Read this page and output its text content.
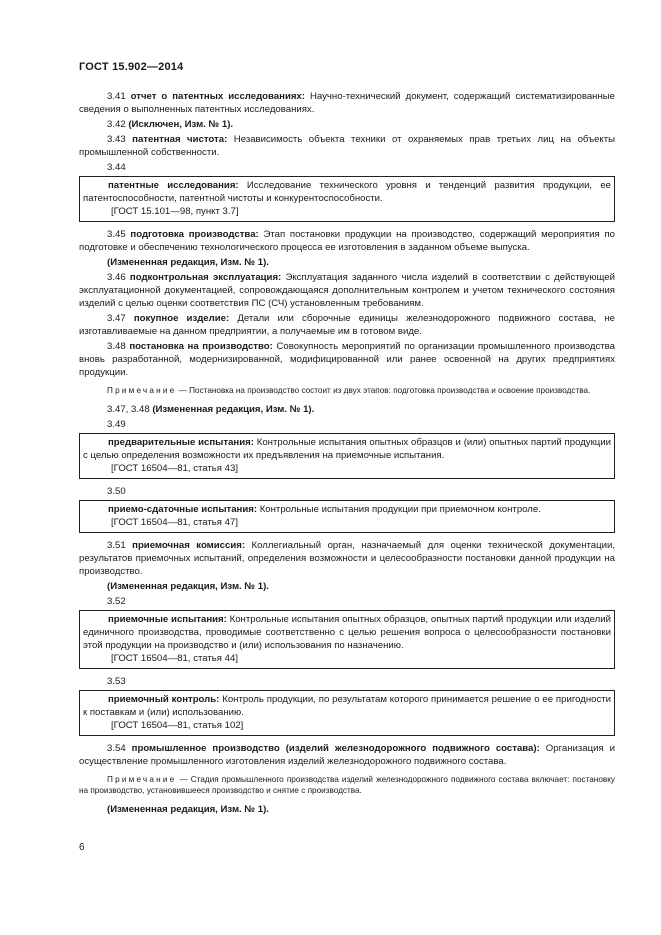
ГОСТ 15.902—2014

3.41 отчет о патентных исследованиях: Научно-технический документ, содержащий систематизированные сведения о выполненных патентных исследованиях.

3.42 (Исключен, Изм. № 1).

3.43 патентная чистота: Независимость объекта техники от охраняемых прав третьих лиц на объекты промышленной собственности.

3.44

патентные исследования: Исследование технического уровня и тенденций развития продукции, ее патентоспособности, патентной чистоты и конкурентоспособности.

[ГОСТ 15.101—98, пункт 3.7]

3.45 подготовка производства: Этап постановки продукции на производство, содержащий мероприятия по подготовке и обеспечению технологического процесса ее изготовления в заданном объеме выпуска.

(Измененная редакция, Изм. № 1).

3.46 подконтрольная эксплуатация: Эксплуатация заданного числа изделий в соответствии с действующей эксплуатационной документацией, сопровождающаяся дополнительным контролем и учетом технического состояния изделий с целью оценки соответствия ПС (СЧ) установленным требованиям.

3.47 покупное изделие: Детали или сборочные единицы железнодорожного подвижного состава, не изготавливаемые на данном предприятии, а получаемые им в готовом виде.

3.48 постановка на производство: Совокупность мероприятий по организации промышленного производства вновь разработанной, модернизированной, модифицированной или ранее освоенной на других предприятиях продукции.

Примечание — Постановка на производство состоит из двух этапов: подготовка производства и освоение производства.

3.47, 3.48 (Измененная редакция, Изм. № 1).

3.49

предварительные испытания: Контрольные испытания опытных образцов и (или) опытных партий продукции с целью определения возможности их предъявления на приемочные испытания.

[ГОСТ 16504—81, статья 43]
3.50

приемо-сдаточные испытания: Контрольные испытания продукции при приемочном контроле.

[ГОСТ 16504—81, статья 47]

3.51 приемочная комиссия: Коллегиальный орган, назначаемый для оценки технической документации, результатов приемочных испытаний, определения возможности и целесообразности постановки данной продукции на производство.

(Измененная редакция, Изм. № 1).

3.52

приемочные испытания: Контрольные испытания опытных образцов, опытных партий продукции или изделий единичного производства, проводимые соответственно с целью решения вопроса о целесообразности постановки этой продукции на производство и (или) использования по назначению.

[ГОСТ 16504—81, статья 44]
3.53

приемочный контроль: Контроль продукции, по результатам которого принимается решение о ее пригодности к поставкам и (или) использованию.

[ГОСТ 16504—81, статья 102]

3.54 промышленное производство (изделий железнодорожного подвижного состава): Организация и осуществление промышленного изготовления изделий железнодорожного подвижного состава.

Примечание — Стадия промышленного производства изделий железнодорожного подвижного состава включает: постановку на производство, установившееся производство и снятие с производства.

(Измененная редакция, Изм. № 1).

6
